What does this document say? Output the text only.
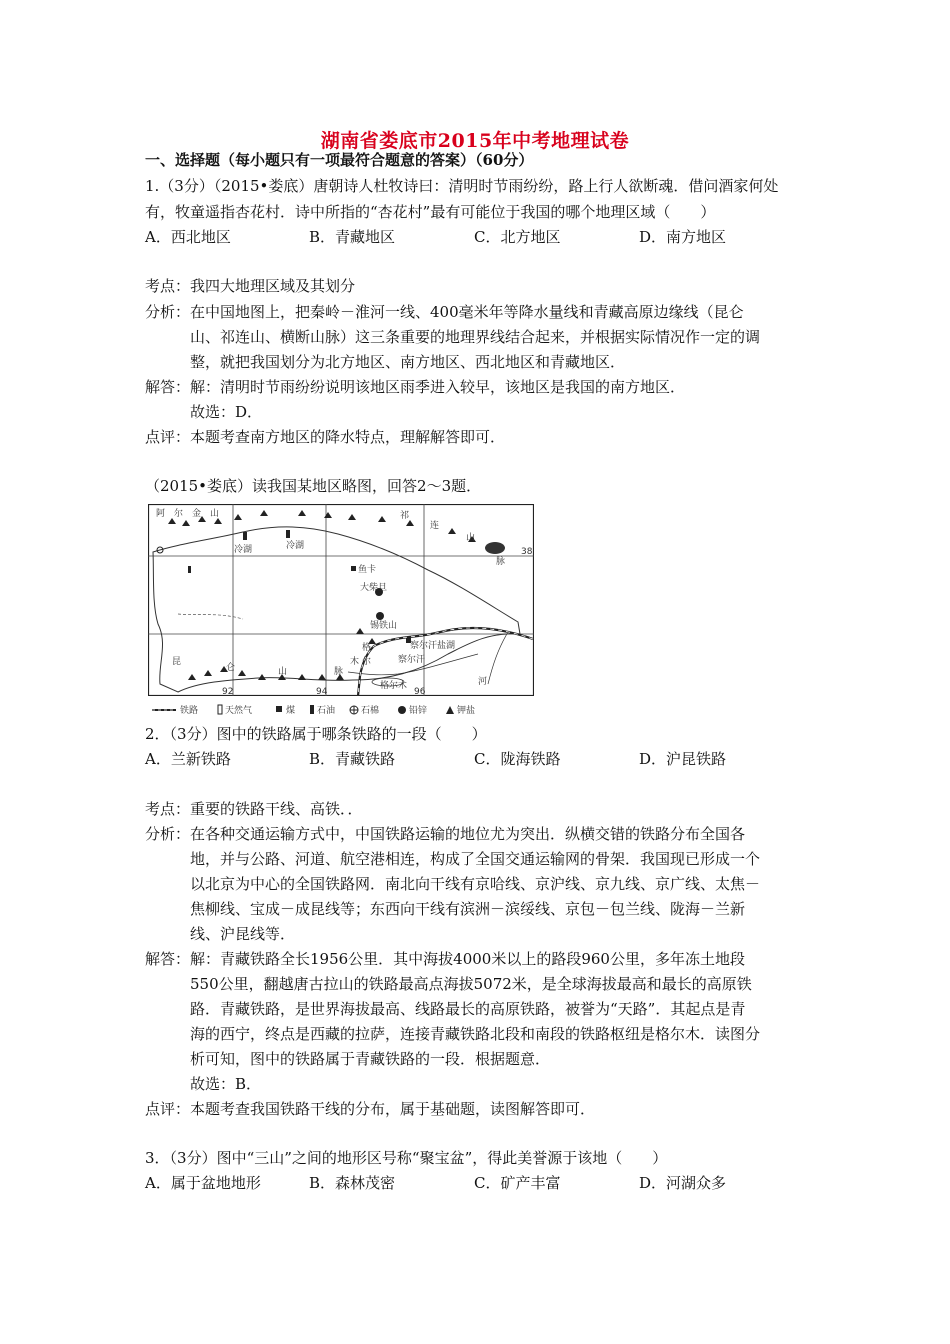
湖南省娄底市2015年中考地理试卷
一、选择题（每小题只有一项最符合题意的答案）（60分）
1.（3分）（2015•娄底）唐朝诗人杜牧诗曰：清明时节雨纷纷，路上行人欲断魂．借问酒家何处
有，牧童遥指杏花村．诗中所指的“杏花村”最有可能位于我国的哪个地理区域（　　）
A．西北地区	B．青藏地区	C．北方地区	D．南方地区
考点：我四大地理区域及其划分
分析：在中国地图上，把秦岭－淮河一线、400毫米年等降水量线和青藏高原边缘线（昆仑
山、祁连山、横断山脉）这三条重要的地理界线结合起来，并根据实际情况作一定的调
整，就把我国划分为北方地区、南方地区、西北地区和青藏地区．
解答：解：清明时节雨纷纷说明该地区雨季进入较早，该地区是我国的南方地区．
故选：D．
点评：本题考查南方地区的降水特点，理解解答即可．
（2015•娄底）读我国某地区略图，回答2～3题．
阿　尔　金　山	祁
连
山
脉
冷湖	冷湖
鱼卡
大柴旦
锡铁山
察尔汗盐湖
察尔汗
格尔木
昆
仑	山	脉
格
尔
木
河
38
92	94	96
铁路	天然气	煤 石油	石棉	铅锌	钾盐
2．（3分）图中的铁路属于哪条铁路的一段（　　）
A．兰新铁路	B．青藏铁路	C．陇海铁路	D．沪昆铁路
考点：重要的铁路干线、高铁．．
分析：在各种交通运输方式中，中国铁路运输的地位尤为突出．纵横交错的铁路分布全国各
地，并与公路、河道、航空港相连，构成了全国交通运输网的骨架．我国现已形成一个
以北京为中心的全国铁路网．南北向干线有京哈线、京沪线、京九线、京广线、太焦－
焦柳线、宝成－成昆线等；东西向干线有滨洲－滨绥线、京包－包兰线、陇海－兰新
线、沪昆线等．
解答：解：青藏铁路全长1956公里．其中海拔4000米以上的路段960公里，多年冻土地段
550公里，翻越唐古拉山的铁路最高点海拔5072米，是全球海拔最高和最长的高原铁
路．青藏铁路，是世界海拔最高、线路最长的高原铁路，被誉为“天路”．其起点是青
海的西宁，终点是西藏的拉萨，连接青藏铁路北段和南段的铁路枢纽是格尔木．读图分
析可知，图中的铁路属于青藏铁路的一段．根据题意．
故选：B．
点评：本题考查我国铁路干线的分布，属于基础题，读图解答即可．
3．（3分）图中“三山”之间的地形区号称“聚宝盆”，得此美誉源于该地（　　）
A．属于盆地地形	B．森林茂密	C．矿产丰富	D．河湖众多
